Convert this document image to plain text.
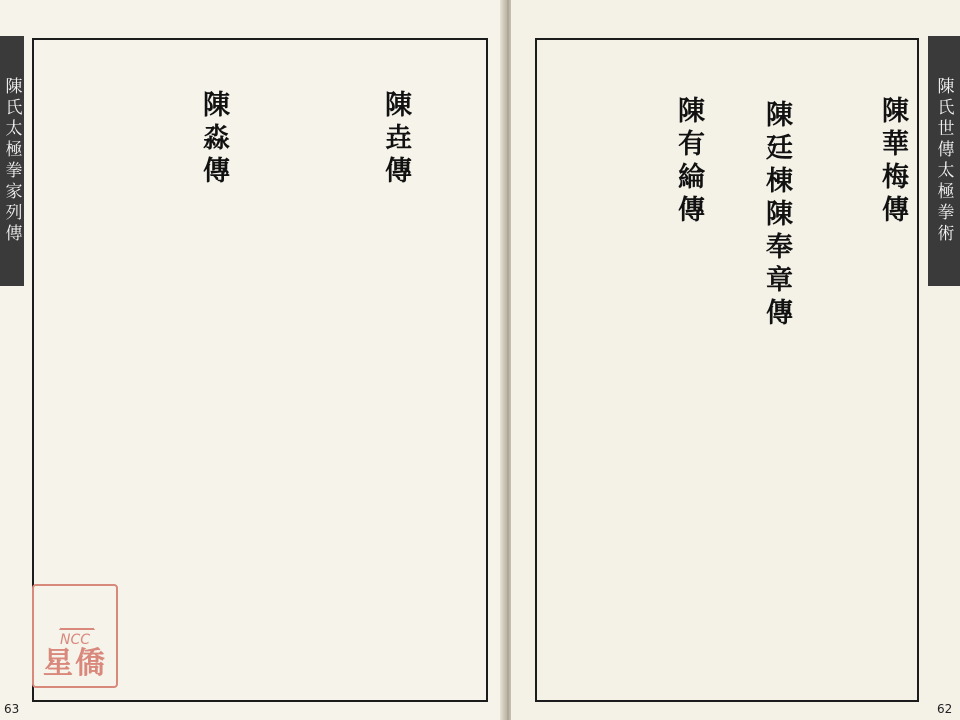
陳氏太極拳家列傳	陳垚傳
陳淼傳
63
NCC
星僑
陳氏世傳太極拳術
陳華梅傳
陳廷棟陳奉章傳
陳有綸傳
62
